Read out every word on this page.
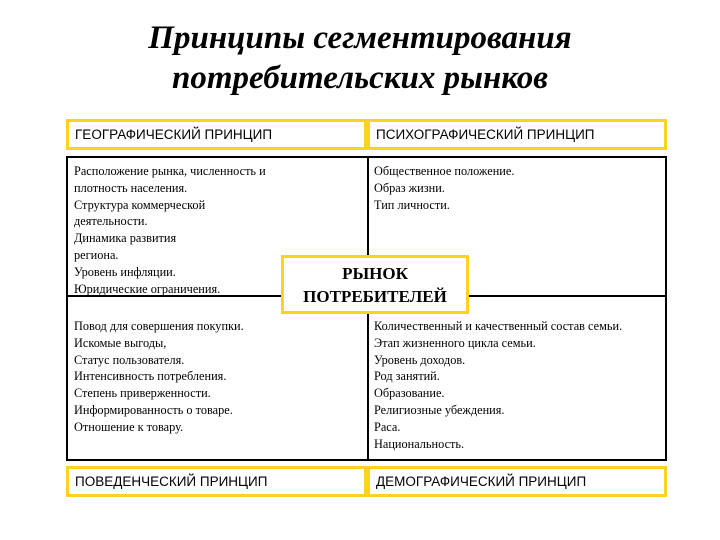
Принципы сегментирования
потребительских рынков
ГЕОГРАФИЧЕСКИЙ ПРИНЦИП	ПСИХОГРАФИЧЕСКИЙ ПРИНЦИП
Расположение рынка, численность и
плотность населения.
Структура коммерческой
деятельности.
Динамика развития
региона.
Уровень инфляции.
Юридические ограничения.
Общественное положение.
Образ жизни.
Тип личности.
Повод для совершения покупки.
Искомые выгоды,
Статус пользователя.
Интенсивность потребления.
Степень приверженности.
Информированность о товаре.
Отношение к товару.
Количественный и качественный состав семьи.
Этап жизненного цикла семьи.
Уровень доходов.
Род занятий.
Образование.
Религиозные убеждения.
Раса.
Национальность.
РЫНОК
ПОТРЕБИТЕЛЕЙ
ПОВЕДЕНЧЕСКИЙ ПРИНЦИП	ДЕМОГРАФИЧЕСКИЙ ПРИНЦИП
